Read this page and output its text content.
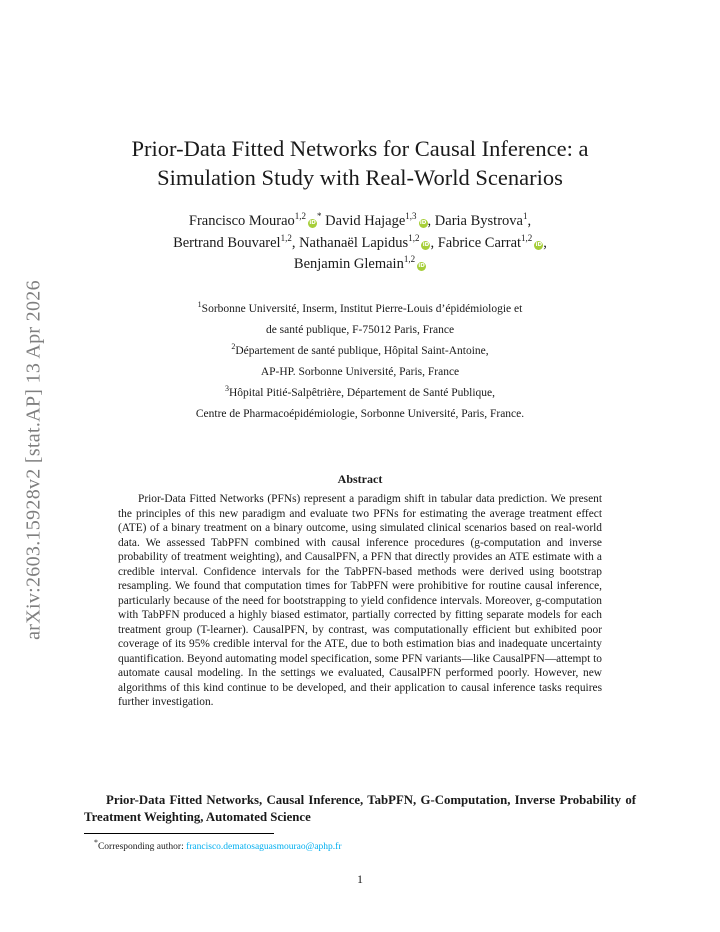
arXiv:2603.15928v2 [stat.AP] 13 Apr 2026
Prior-Data Fitted Networks for Causal Inference: a
Simulation Study with Real-World Scenarios
Francisco Mourao$^{1,2}$iD* David Hajage$^{1,3}$iD, Daria Bystrova$^1$,
Bertrand Bouvarel$^{1,2}$, Nathanaël Lapidus$^{1,2}$iD, Fabrice Carrat$^{1,2}$iD,
Benjamin Glemain$^{1,2}$iD
$^1$Sorbonne Université, Inserm, Institut Pierre-Louis d’épidémiologie et
de santé publique, F-75012 Paris, France
$^2$Département de santé publique, Hôpital Saint-Antoine,
AP-HP. Sorbonne Université, Paris, France
$^3$Hôpital Pitié-Salpêtrière, Département de Santé Publique,
Centre de Pharmacoépidémiologie, Sorbonne Université, Paris, France.
Abstract

Prior-Data Fitted Networks (PFNs) represent a paradigm shift in tabular data prediction. We present the principles of this new paradigm and evaluate two PFNs for estimating the average treatment effect (ATE) of a binary treatment on a binary outcome, using simulated clinical scenarios based on real-world data. We assessed TabPFN combined with causal inference procedures (g-computation and inverse probability of treatment weighting), and CausalPFN, a PFN that directly provides an ATE estimate with a credible interval. Confidence intervals for the TabPFN-based methods were derived using bootstrap resampling. We found that computation times for TabPFN were prohibitive for routine causal inference, particularly because of the need for bootstrapping to yield confidence intervals. Moreover, g-computation with TabPFN produced a highly biased estimator, partially corrected by fitting separate models for each treatment group (T-learner). CausalPFN, by contrast, was computationally efficient but exhibited poor coverage of its 95% credible interval for the ATE, due to both estimation bias and inadequate uncertainty quantification. Beyond automating model specification, some PFN variants—like CausalPFN—attempt to automate causal modeling. In the settings we evaluated, CausalPFN performed poorly. However, new algorithms of this kind continue to be developed, and their application to causal inference tasks requires further investigation.

Prior-Data Fitted Networks, Causal Inference, TabPFN, G-Computation, Inverse Probability of Treatment Weighting, Automated Science
*Corresponding author: francisco.dematosaguasmourao@aphp.fr
1
